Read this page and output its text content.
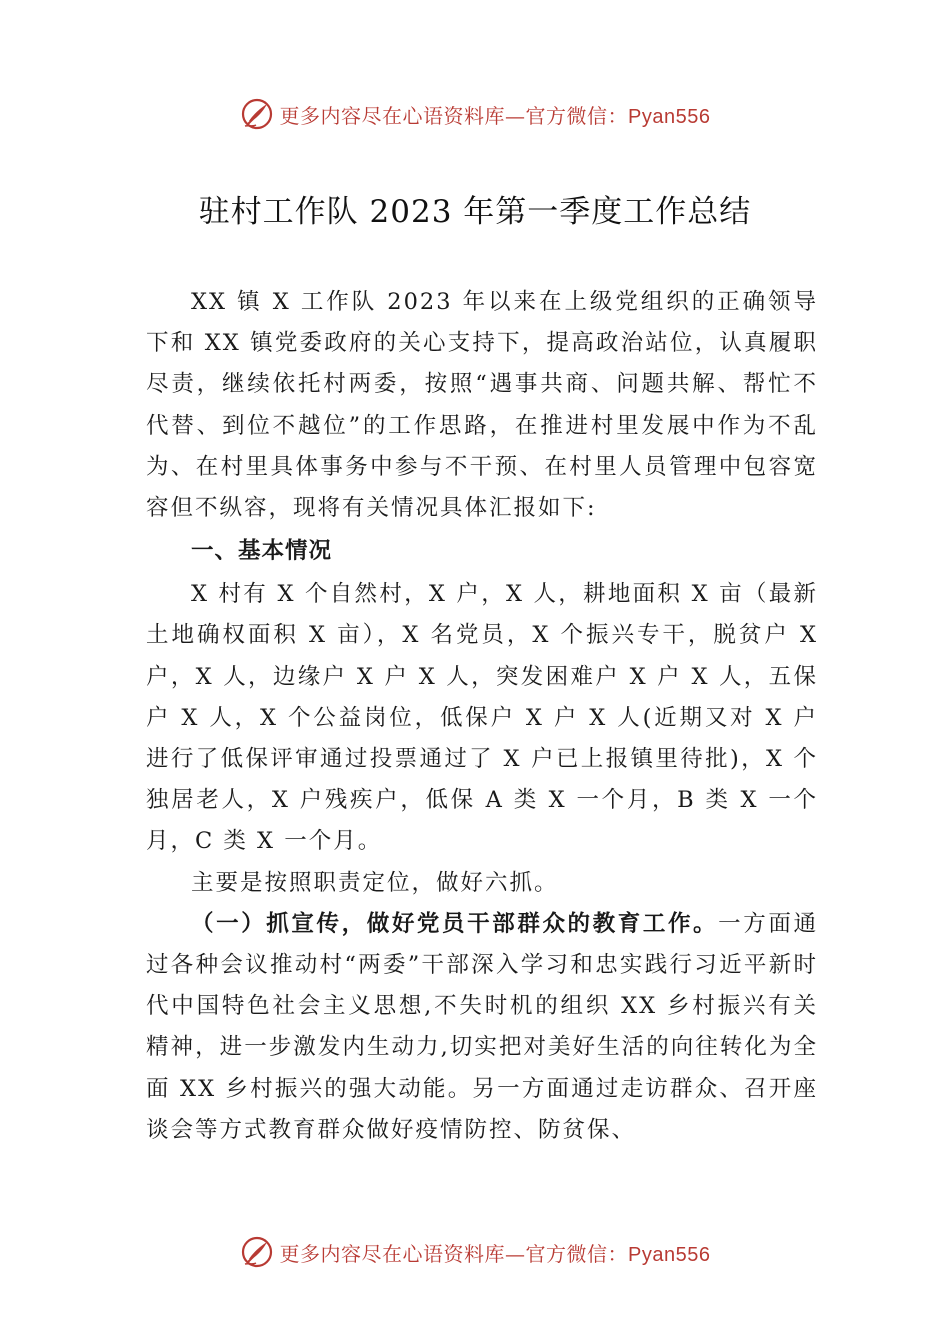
更多内容尽在心语资料库—官方微信：Pyan556
驻村工作队 2023 年第一季度工作总结

XX 镇 X 工作队 2023 年以来在上级党组织的正确领导下和 XX 镇党委政府的关心支持下，提高政治站位，认真履职尽责，继续依托村两委，按照“遇事共商、问题共解、帮忙不代替、到位不越位”的工作思路，在推进村里发展中作为不乱为、在村里具体事务中参与不干预、在村里人员管理中包容宽容但不纵容，现将有关情况具体汇报如下:

一、基本情况

X 村有 X 个自然村，X 户，X 人，耕地面积 X 亩（最新土地确权面积 X 亩），X 名党员，X 个振兴专干，脱贫户 X 户，X 人，边缘户 X 户 X 人，突发困难户 X 户 X 人，五保户 X 人，X 个公益岗位，低保户 X 户 X 人(近期又对 X 户进行了低保评审通过投票通过了 X 户已上报镇里待批)，X 个独居老人，X 户残疾户，低保 A 类 X 一个月，B 类 X 一个月，C 类 X 一个月。

主要是按照职责定位，做好六抓。

（一）抓宣传，做好党员干部群众的教育工作。一方面通过各种会议推动村“两委”干部深入学习和忠实践行习近平新时代中国特色社会主义思想,不失时机的组织 XX 乡村振兴有关精神，进一步激发内生动力,切实把对美好生活的向往转化为全面 XX 乡村振兴的强大动能。另一方面通过走访群众、召开座谈会等方式教育群众做好疫情防控、防贫保、

更多内容尽在心语资料库—官方微信：Pyan556
